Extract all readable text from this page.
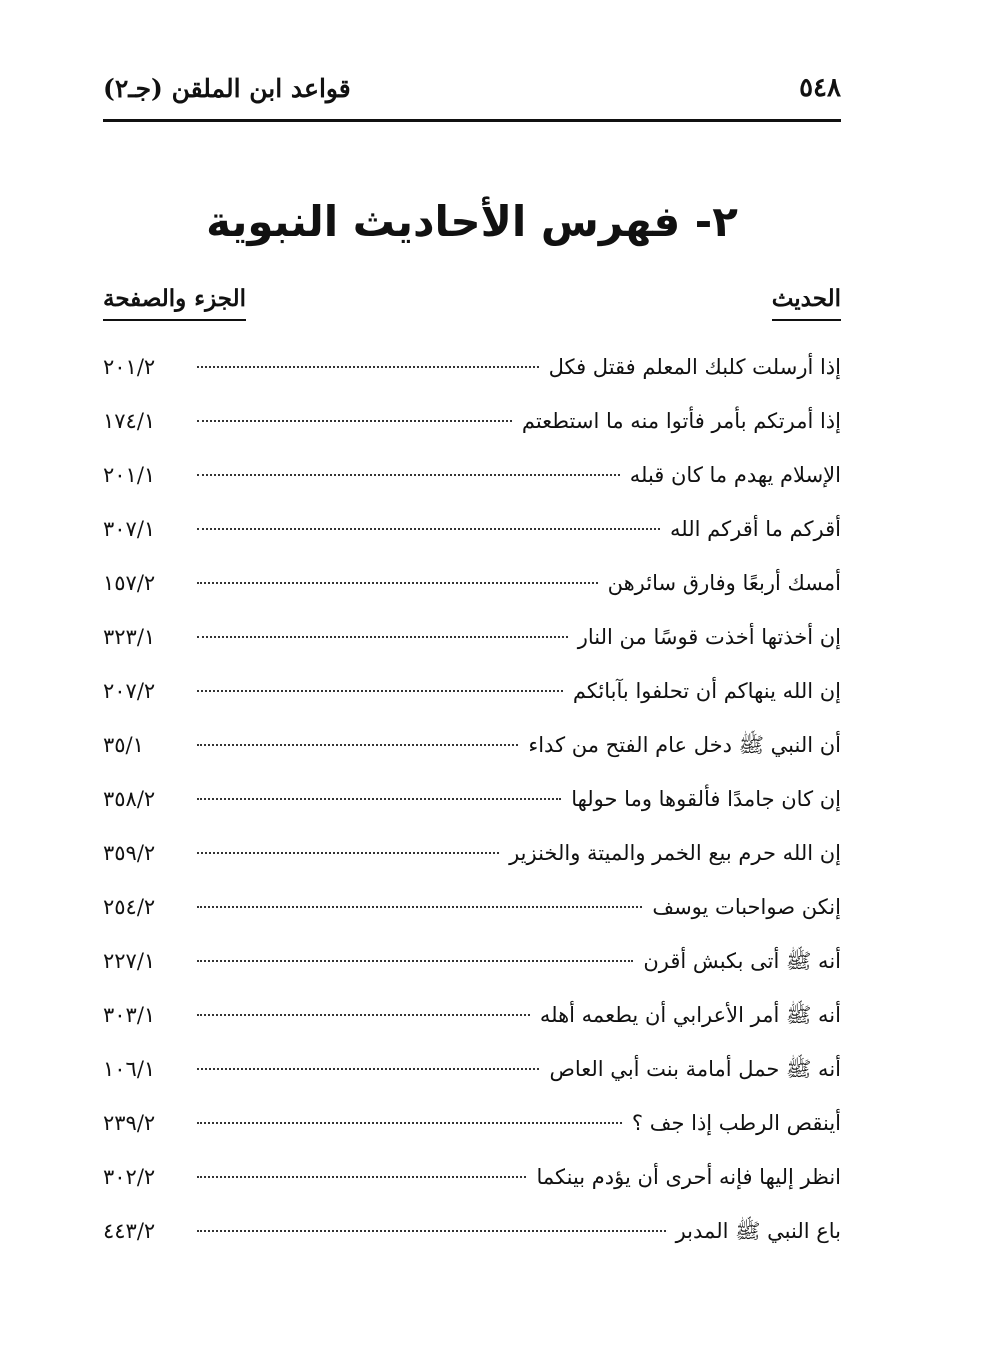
٥٤٨
قواعد ابن الملقن (جـ٢)
٢- فهرس الأحاديث النبوية
الحديث
الجزء والصفحة
إذا أرسلت كلبك المعلم فقتل فكل
٢٠١/٢
إذا أمرتكم بأمر فأتوا منه ما استطعتم
١٧٤/١
الإسلام يهدم ما كان قبله
٢٠١/١
أقركم ما أقركم الله
٣٠٧/١
أمسك أربعًا وفارق سائرهن
١٥٧/٢
إن أخذتها أخذت قوسًا من النار
٣٢٣/١
إن الله ينهاكم أن تحلفوا بآبائكم
٢٠٧/٢
أن النبي ﷺ دخل عام الفتح من كداء
٣٥/١
إن كان جامدًا فألقوها وما حولها
٣٥٨/٢
إن الله حرم بيع الخمر والميتة والخنزير
٣٥٩/٢
إنكن صواحبات يوسف
٢٥٤/٢
أنه ﷺ أتى بكبش أقرن
٢٢٧/١
أنه ﷺ أمر الأعرابي أن يطعمه أهله
٣٠٣/١
أنه ﷺ حمل أمامة بنت أبي العاص
١٠٦/١
أينقص الرطب إذا جف ؟
٢٣٩/٢
انظر إليها فإنه أحرى أن يؤدم بينكما
٣٠٢/٢
باع النبي ﷺ المدبر
٤٤٣/٢
